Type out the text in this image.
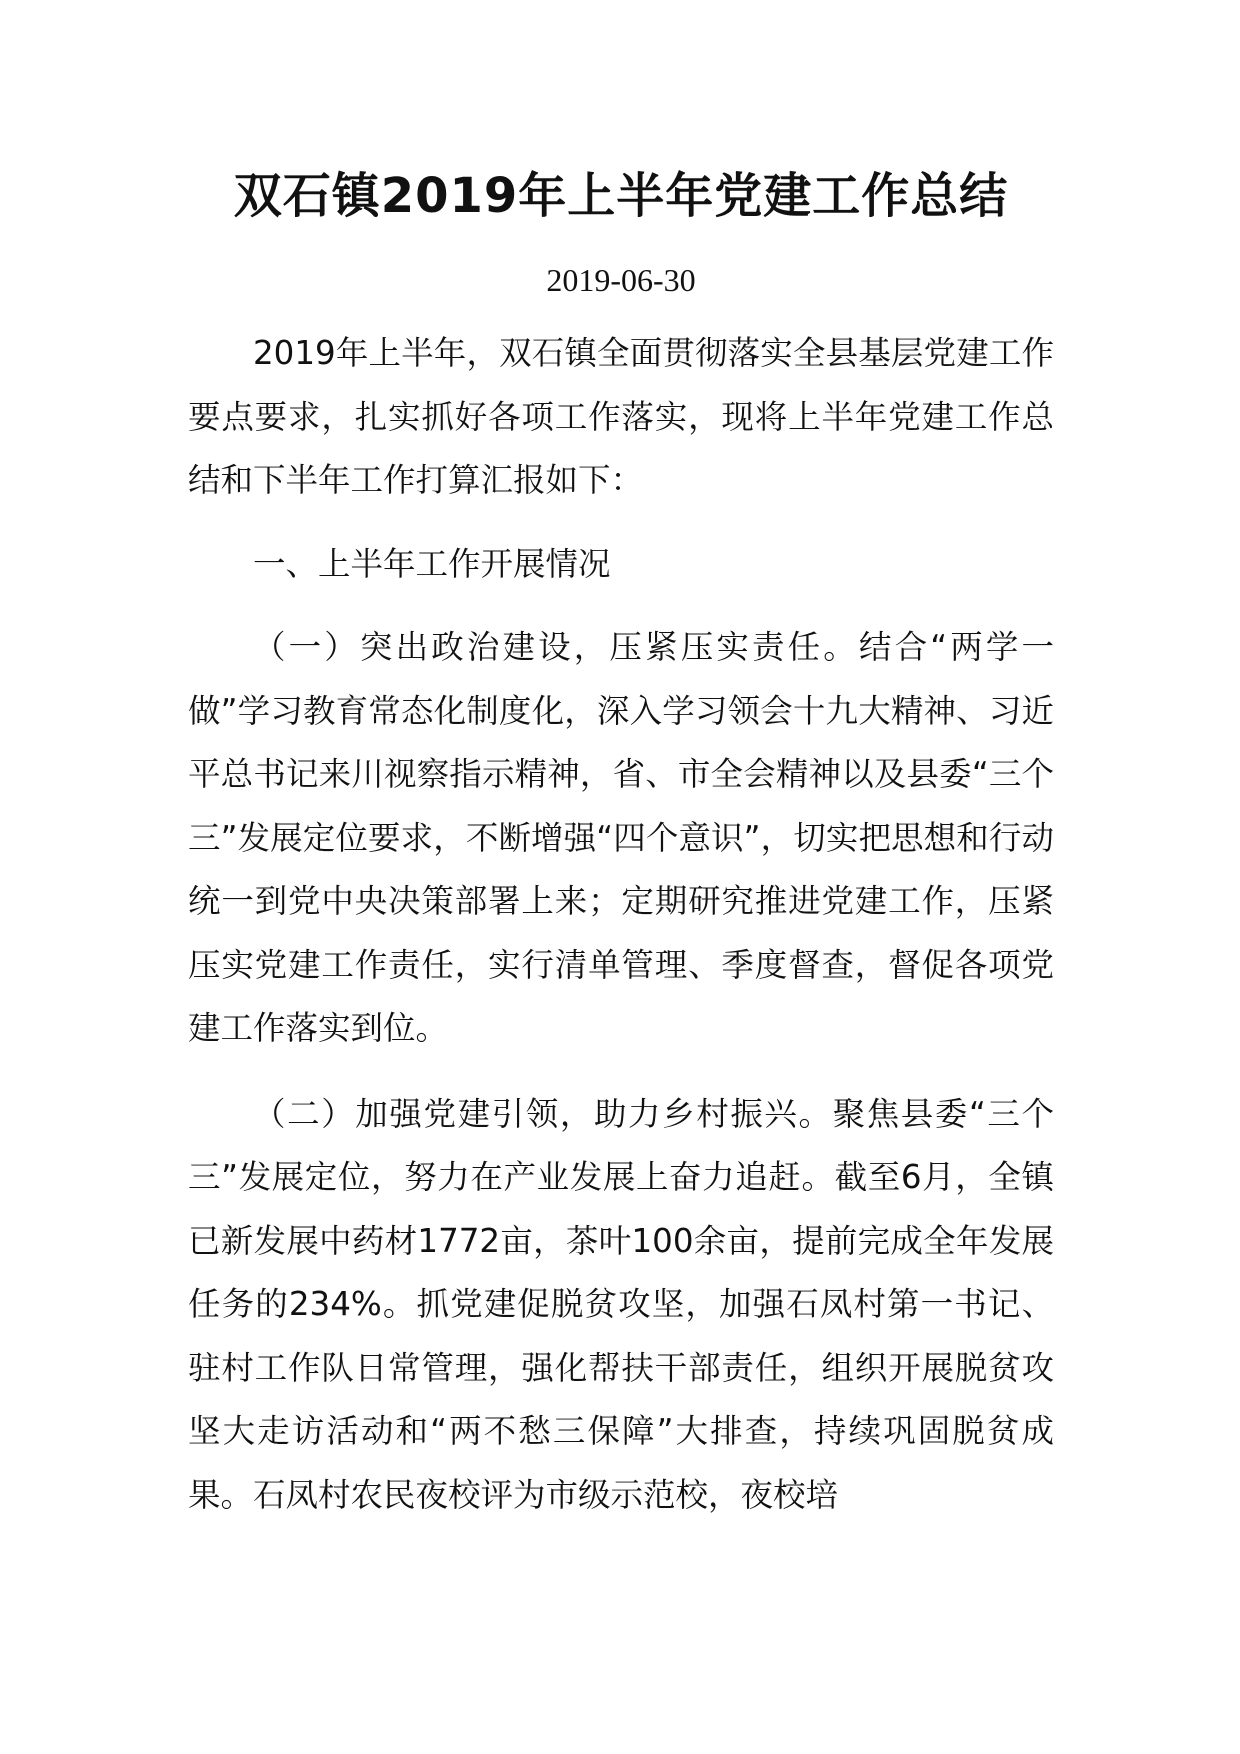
双石镇2019年上半年党建工作总结
2019-06-30

2019年上半年，双石镇全面贯彻落实全县基层党建工作要点要求，扎实抓好各项工作落实，现将上半年党建工作总结和下半年工作打算汇报如下：

一、上半年工作开展情况

（一）突出政治建设，压紧压实责任。结合“两学一做”学习教育常态化制度化，深入学习领会十九大精神、习近平总书记来川视察指示精神，省、市全会精神以及县委“三个三”发展定位要求，不断增强“四个意识”，切实把思想和行动统一到党中央决策部署上来；定期研究推进党建工作，压紧压实党建工作责任，实行清单管理、季度督查，督促各项党建工作落实到位。

（二）加强党建引领，助力乡村振兴。聚焦县委“三个三”发展定位，努力在产业发展上奋力追赶。截至6月，全镇已新发展中药材1772亩，茶叶100余亩，提前完成全年发展任务的234%。抓党建促脱贫攻坚，加强石凤村第一书记、驻村工作队日常管理，强化帮扶干部责任，组织开展脱贫攻坚大走访活动和“两不愁三保障”大排查，持续巩固脱贫成果。石凤村农民夜校评为市级示范校，夜校培
